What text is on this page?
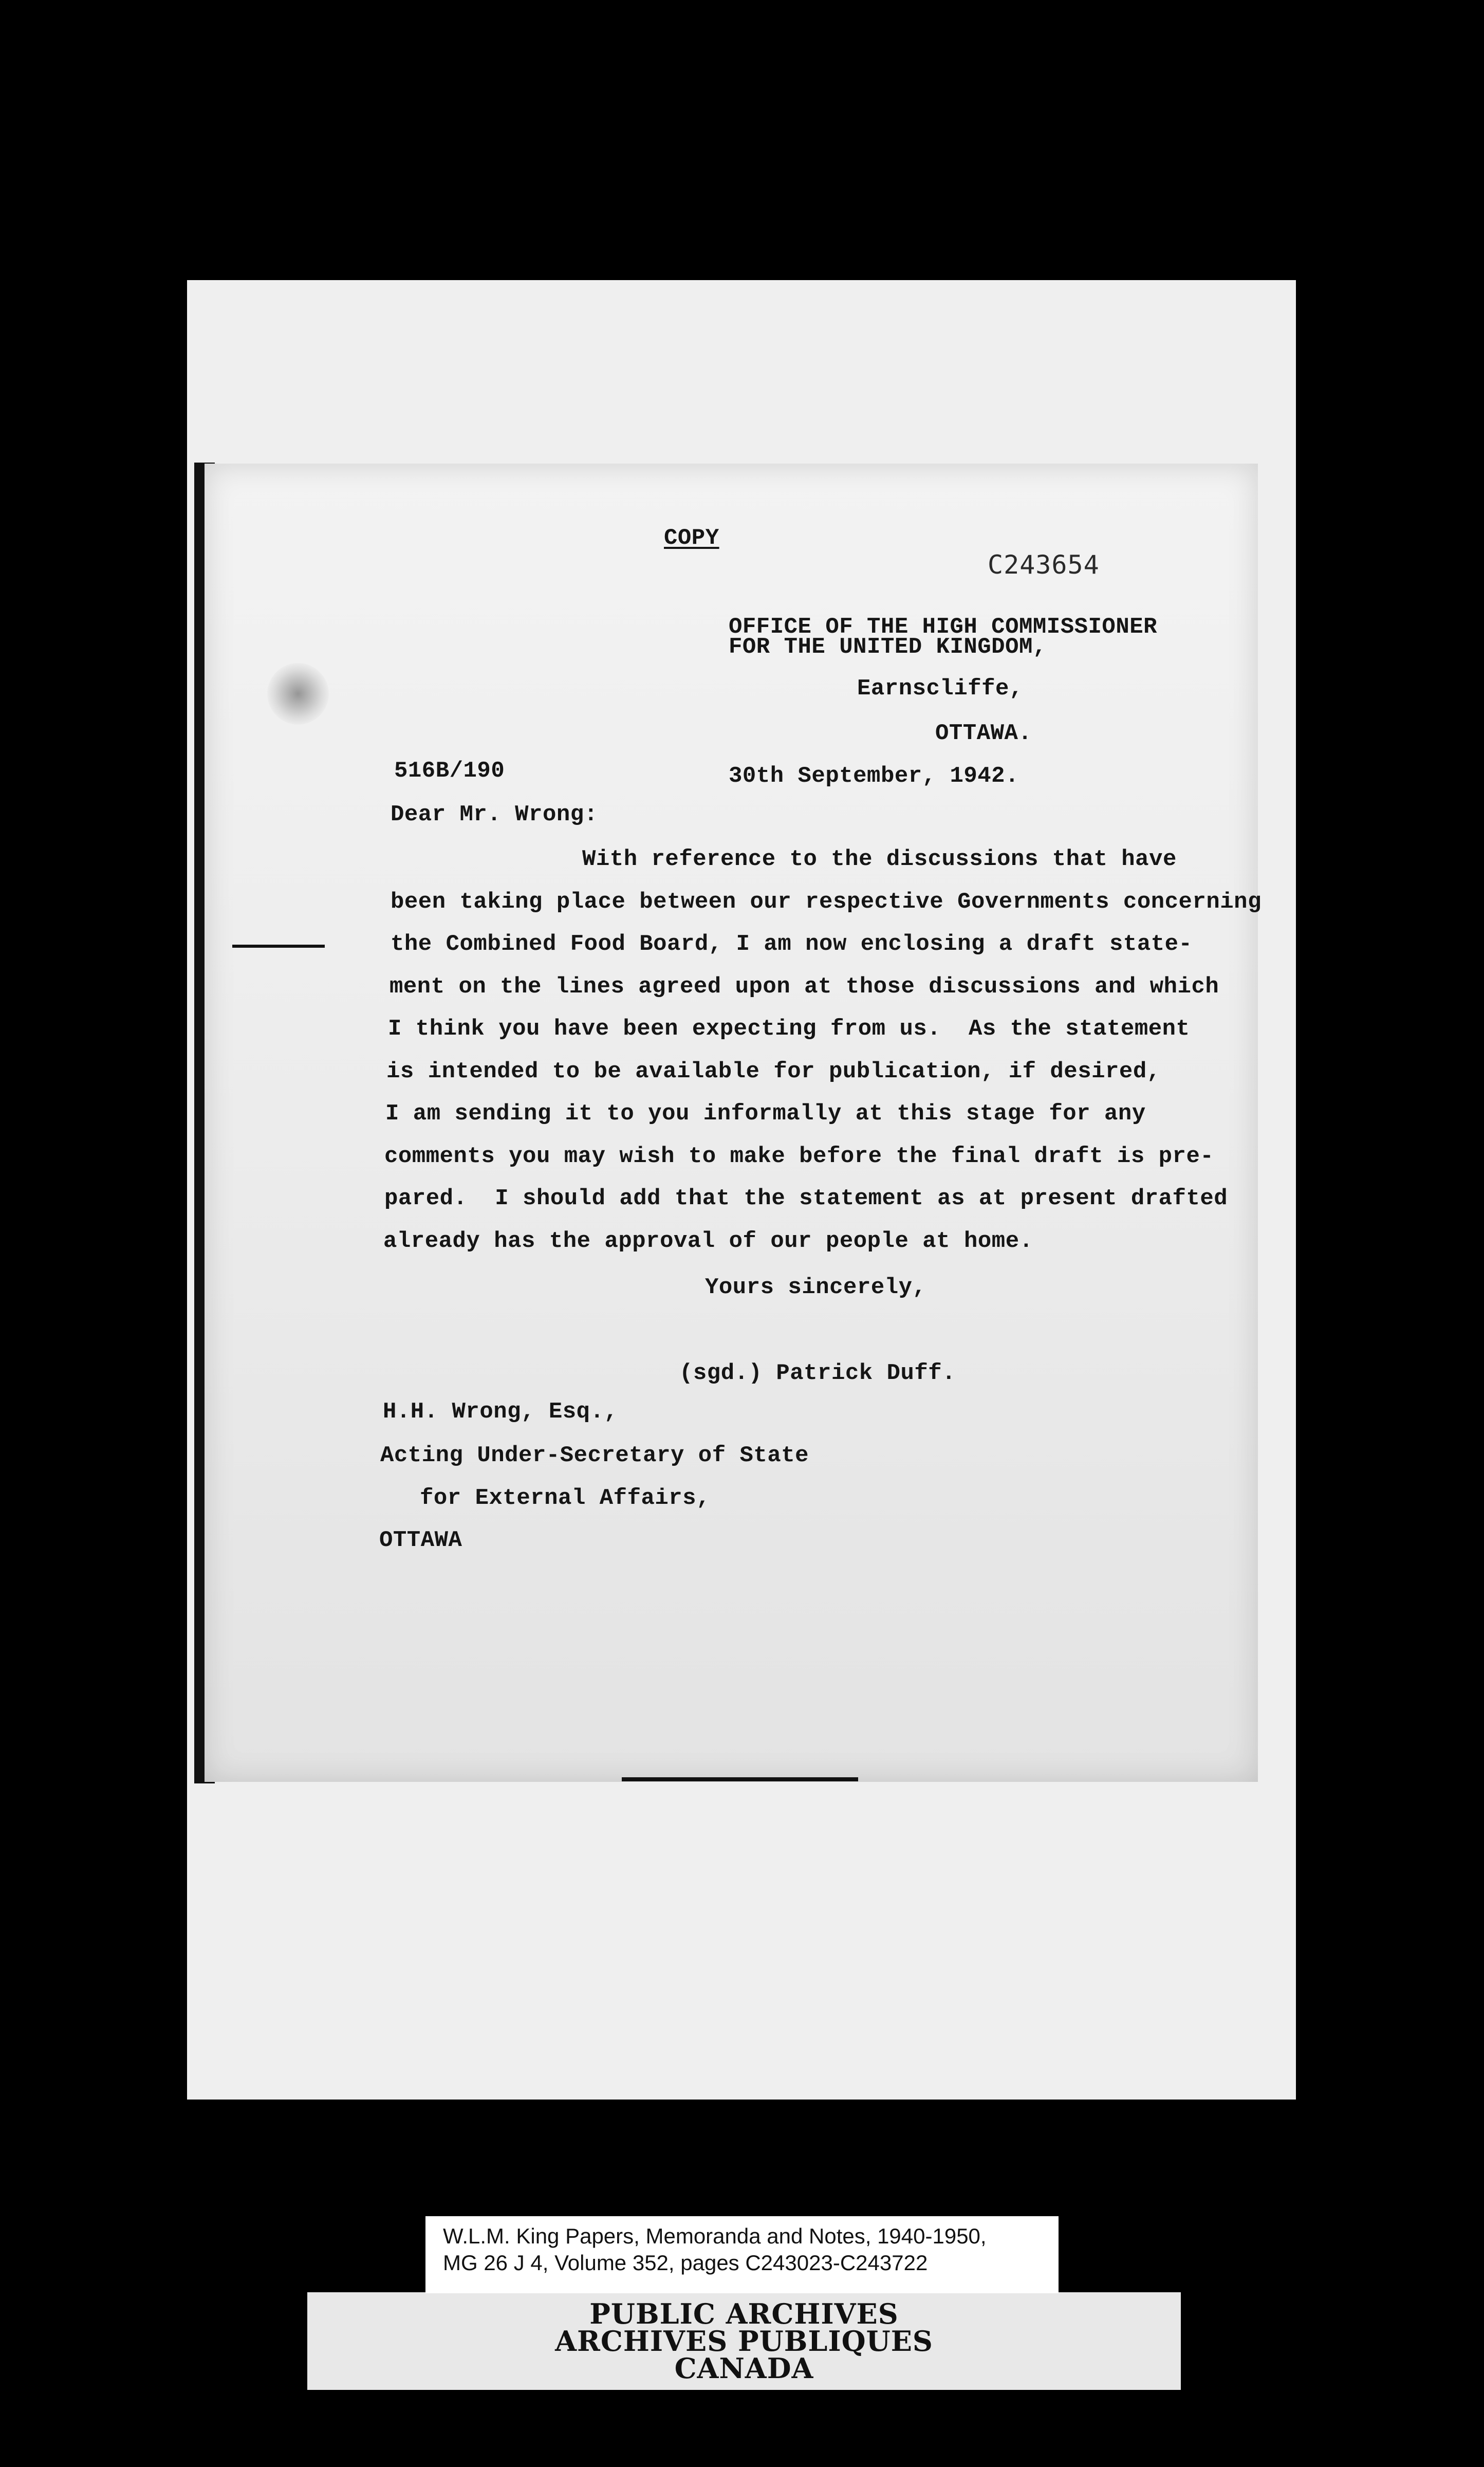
COPY
C243654
OFFICE OF THE HIGH COMMISSIONER
FOR THE UNITED KINGDOM,
Earnscliffe,
OTTAWA.
516B/190	30th September, 1942.
Dear Mr. Wrong:
With reference to the discussions that have
been taking place between our respective Governments concerning
the Combined Food Board, I am now enclosing a draft state-
ment on the lines agreed upon at those discussions and which
I think you have been expecting from us.  As the statement
is intended to be available for publication, if desired,
I am sending it to you informally at this stage for any
comments you may wish to make before the final draft is pre-
pared.  I should add that the statement as at present drafted
already has the approval of our people at home.
Yours sincerely,
(sgd.) Patrick Duff.
H.H. Wrong, Esq.,
Acting Under-Secretary of State
for External Affairs,
OTTAWA
W.L.M. King Papers, Memoranda and Notes, 1940-1950,
MG 26 J 4, Volume 352, pages C243023-C243722
PUBLIC ARCHIVES
ARCHIVES PUBLIQUES
CANADA
